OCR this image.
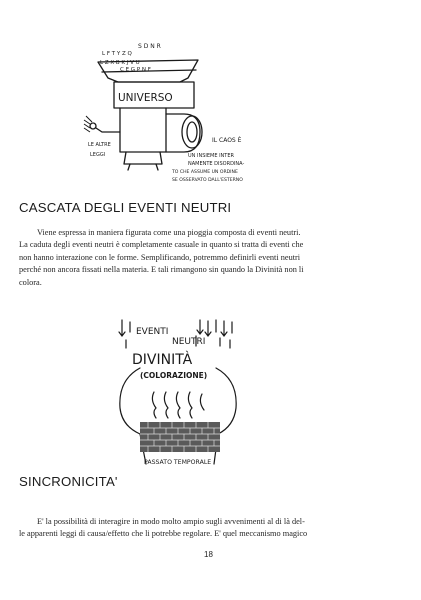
S D N R
L F T Y Z Q
L Z X B K J V U
C E G P N F
UNIVERSO
LE ALTRE
LEGGI
IL CAOS È
UN INSIEME INTER
NAMENTE DISORDINA-
TO CHE ASSUME UN ORDINE
SE OSSERVATO DALL'ESTERNO
CASCATA DEGLI EVENTI NEUTRI
Viene espressa in maniera figurata come una pioggia composta di eventi neutri.
La caduta degli eventi neutri è completamente casuale in quanto si tratta di eventi che
non hanno interazione con le forme. Semplificando, potremmo definirli eventi neutri
perché non ancora fissati nella materia. E tali rimangono sin quando la Divinità non li
colora.
EVENTI
NEUTRI
DIVINITÀ
(COLORAZIONE)
PASSATO TEMPORALE
SINCRONICITA'
E' la possibilità di interagire in modo molto ampio sugli avvenimenti al di là del-
le apparenti leggi di causa/effetto che li potrebbe regolare. E' quel meccanismo magico
18
